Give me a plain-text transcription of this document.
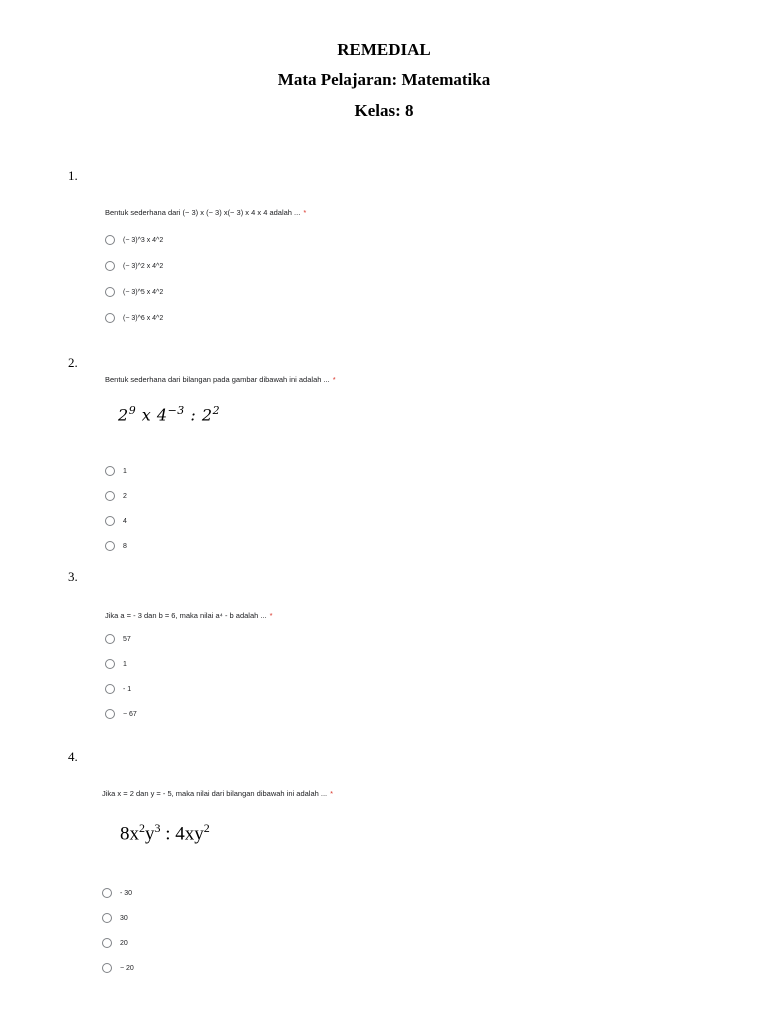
REMEDIAL
Mata Pelajaran: Matematika
Kelas: 8
1.
Bentuk sederhana dari (− 3) x (− 3) x(− 3) x 4 x 4 adalah ... *
(− 3)^3 x 4^2
(− 3)^2 x 4^2
(− 3)^5 x 4^2
(− 3)^6 x 4^2
2.
Bentuk sederhana dari bilangan pada gambar dibawah ini adalah ... *
$2^9$ x $4^{-3}$ : $2^2$
1
2
4
8
3.
Jika a = - 3 dan b = 6, maka nilai a⁴ - b adalah ... *
57
1
- 1
− 67
4.
Jika x = 2 dan y = - 5, maka nilai dari bilangan dibawah ini adalah ... *
$8x^2y^3$ : $4xy^2$
- 30
30
20
− 20
